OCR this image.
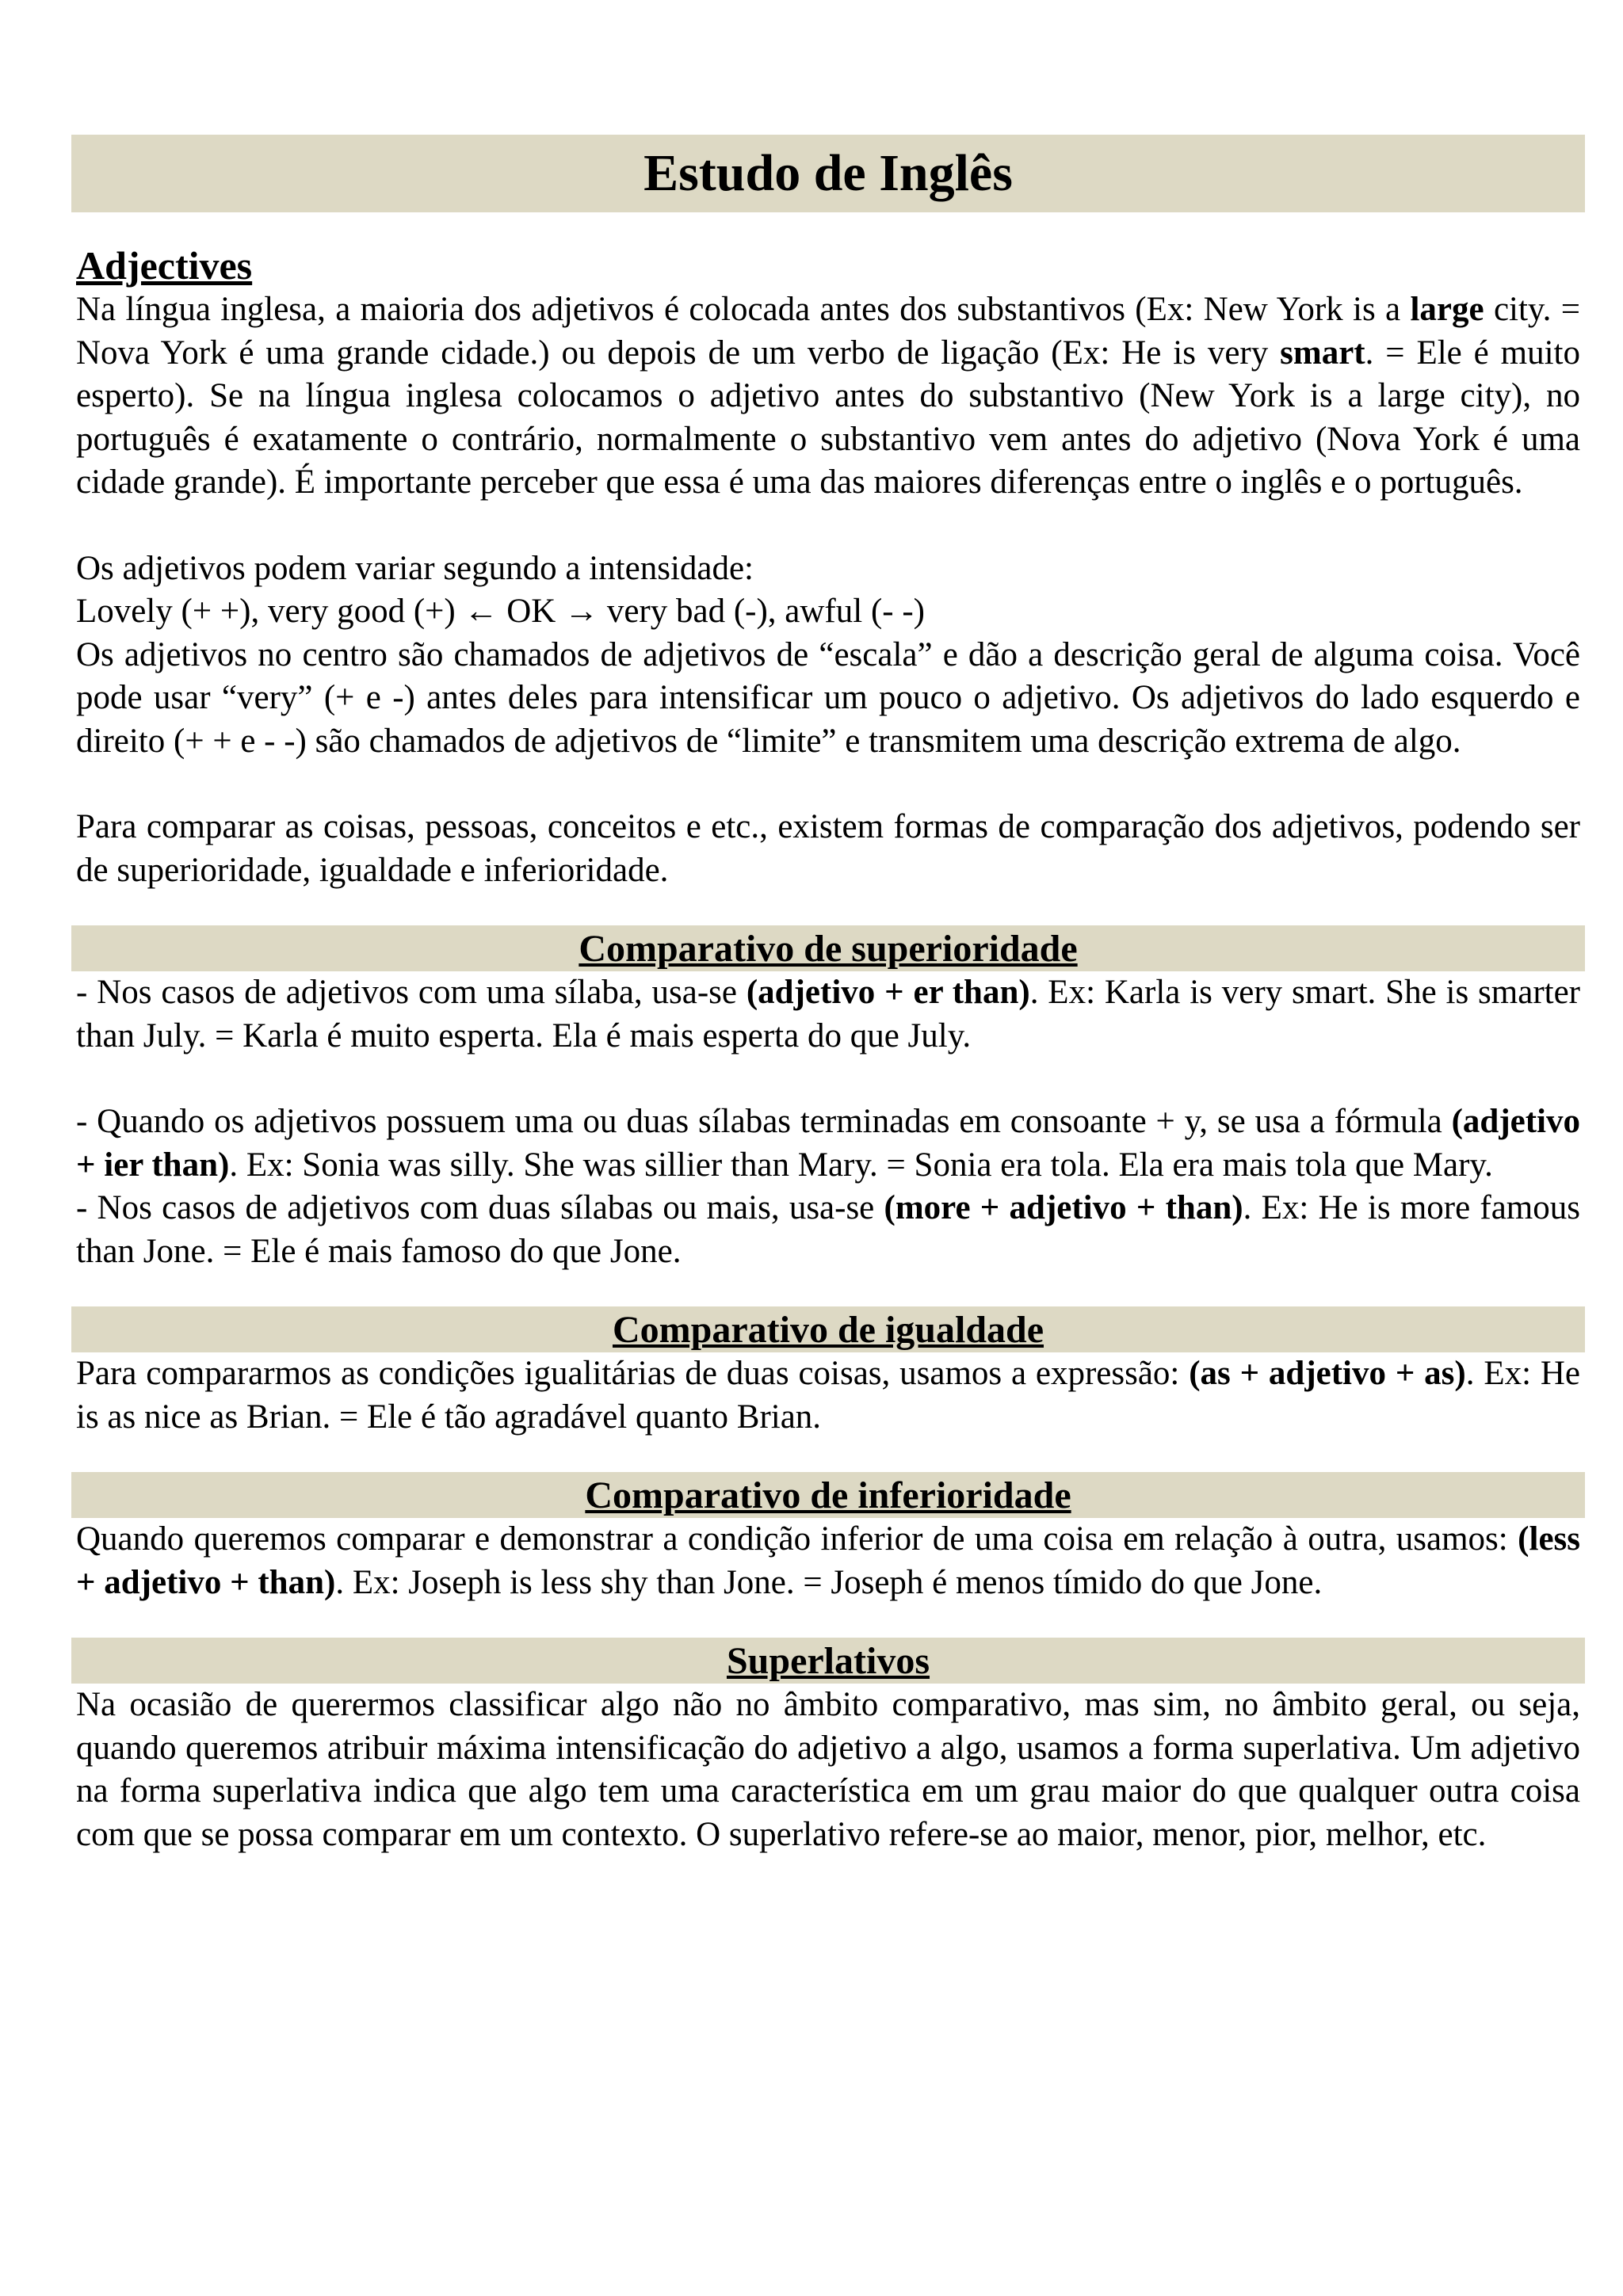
Estudo de Inglês
Adjectives

Na língua inglesa, a maioria dos adjetivos é colocada antes dos substantivos (Ex: New York is a large city. = Nova York é uma grande cidade.) ou depois de um verbo de ligação (Ex: He is very smart. = Ele é muito esperto). Se na língua inglesa colocamos o adjetivo antes do substantivo (New York is a large city), no português é exatamente o contrário, normalmente o substantivo vem antes do adjetivo (Nova York é uma cidade grande). É importante perceber que essa é uma das maiores diferenças entre o inglês e o português.

Os adjetivos podem variar segundo a intensidade:

Lovely (+ +), very good (+) ← OK → very bad (-), awful (- -)

Os adjetivos no centro são chamados de adjetivos de “escala” e dão a descrição geral de alguma coisa. Você pode usar “very” (+ e -) antes deles para intensificar um pouco o adjetivo. Os adjetivos do lado esquerdo e direito (+ + e - -) são chamados de adjetivos de “limite” e transmitem uma descrição extrema de algo.

Para comparar as coisas, pessoas, conceitos e etc., existem formas de comparação dos adjetivos, podendo ser de superioridade, igualdade e inferioridade.

Comparativo de superioridade

- Nos casos de adjetivos com uma sílaba, usa-se (adjetivo + er than). Ex: Karla is very smart. She is smarter than July. = Karla é muito esperta. Ela é mais esperta do que July.

- Quando os adjetivos possuem uma ou duas sílabas terminadas em consoante + y, se usa a fórmula (adjetivo + ier than). Ex: Sonia was silly. She was sillier than Mary. = Sonia era tola. Ela era mais tola que Mary.

- Nos casos de adjetivos com duas sílabas ou mais, usa-se (more + adjetivo + than). Ex: He is more famous than Jone. = Ele é mais famoso do que Jone.

Comparativo de igualdade

Para compararmos as condições igualitárias de duas coisas, usamos a expressão: (as + adjetivo + as). Ex: He is as nice as Brian. = Ele é tão agradável quanto Brian.

Comparativo de inferioridade

Quando queremos comparar e demonstrar a condição inferior de uma coisa em relação à outra, usamos: (less + adjetivo + than). Ex: Joseph is less shy than Jone. = Joseph é menos tímido do que Jone.

Superlativos

Na ocasião de querermos classificar algo não no âmbito comparativo, mas sim, no âmbito geral, ou seja, quando queremos atribuir máxima intensificação do adjetivo a algo, usamos a forma superlativa. Um adjetivo na forma superlativa indica que algo tem uma característica em um grau maior do que qualquer outra coisa com que se possa comparar em um contexto. O superlativo refere-se ao maior, menor, pior, melhor, etc.
